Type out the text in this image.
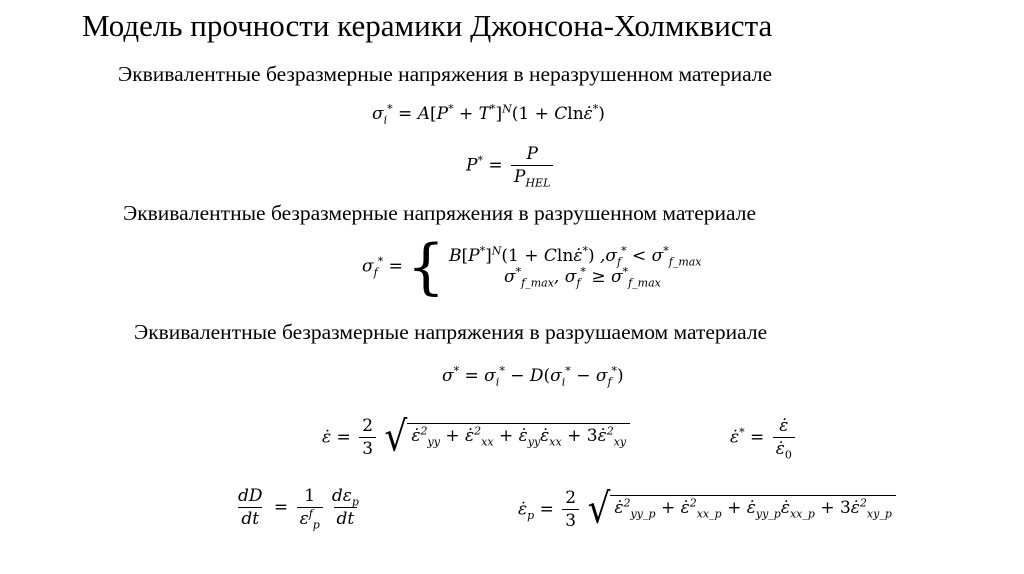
Модель прочности керамики Джонсона-Холмквиста
Эквивалентные безразмерные напряжения в неразрушенном материале
$\sigma_i^* = A[P^* + T^*]^N(1$ + Clnε̇*)
$P^* = \frac{P}{P_{HEL}}$
Эквивалентные безразмерные напряжения в разрушенном материале
$\sigma_f^*$ ={ $B[P^*]^N(1$ + Clnε̇*) $,\sigma_f^* < \sigma^*_{f\_max}$
$\sigma^*_{f\_max}$, $\sigma_f^* \ge \sigma^*_{f\_max}$
Эквивалентные безразмерные напряжения в разрушаемом материале
$\sigma^* = \sigma_i^* - D(\sigma_i^* - \sigma_f^*)$
ε̇ = $\frac{2}{3}$
√ ε̇$^2_{yy}$ + ε̇$^2_{xx}$ + $\varepsiloṅ_{yy}\varepsiloṅ_{xx}$ + 3ε̇$^2_{xy}$	ε̇* = $\frac{\varepsiloṅ}{\varepsiloṅ_0}$
$\frac{dD}{dt} = \frac{1}{\varepsilon^f_p} \frac{d\varepsilon_p}{dt}$	$\varepsiloṅ_p = \frac{2}{3}$
√ ε̇$^2_{yy\_p}$ + ε̇$^2_{xx\_p}$ + $\varepsiloṅ_{yy\_p}\varepsiloṅ_{xx\_p}$ + 3ε̇$^2_{xy\_p}$
